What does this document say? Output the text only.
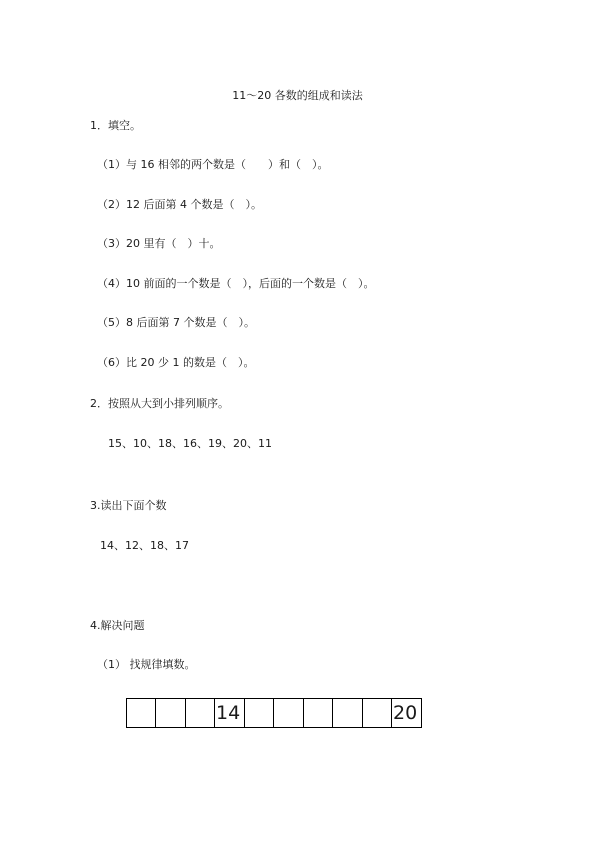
11～20 各数的组成和读法
1．填空。
（1）与 16 相邻的两个数是（　　）和（　）。
（2）12 后面第 4 个数是（　）。
（3）20 里有（　）十。
（4）10 前面的一个数是（　），后面的一个数是（　）。
（5）8 后面第 7 个数是（　）。
（6）比 20 少 1 的数是（　）。
2．按照从大到小排列顺序。
15、10、18、16、19、20、11
3.读出下面个数
14、12、18、17
4.解决问题
（1） 找规律填数。
14	20
